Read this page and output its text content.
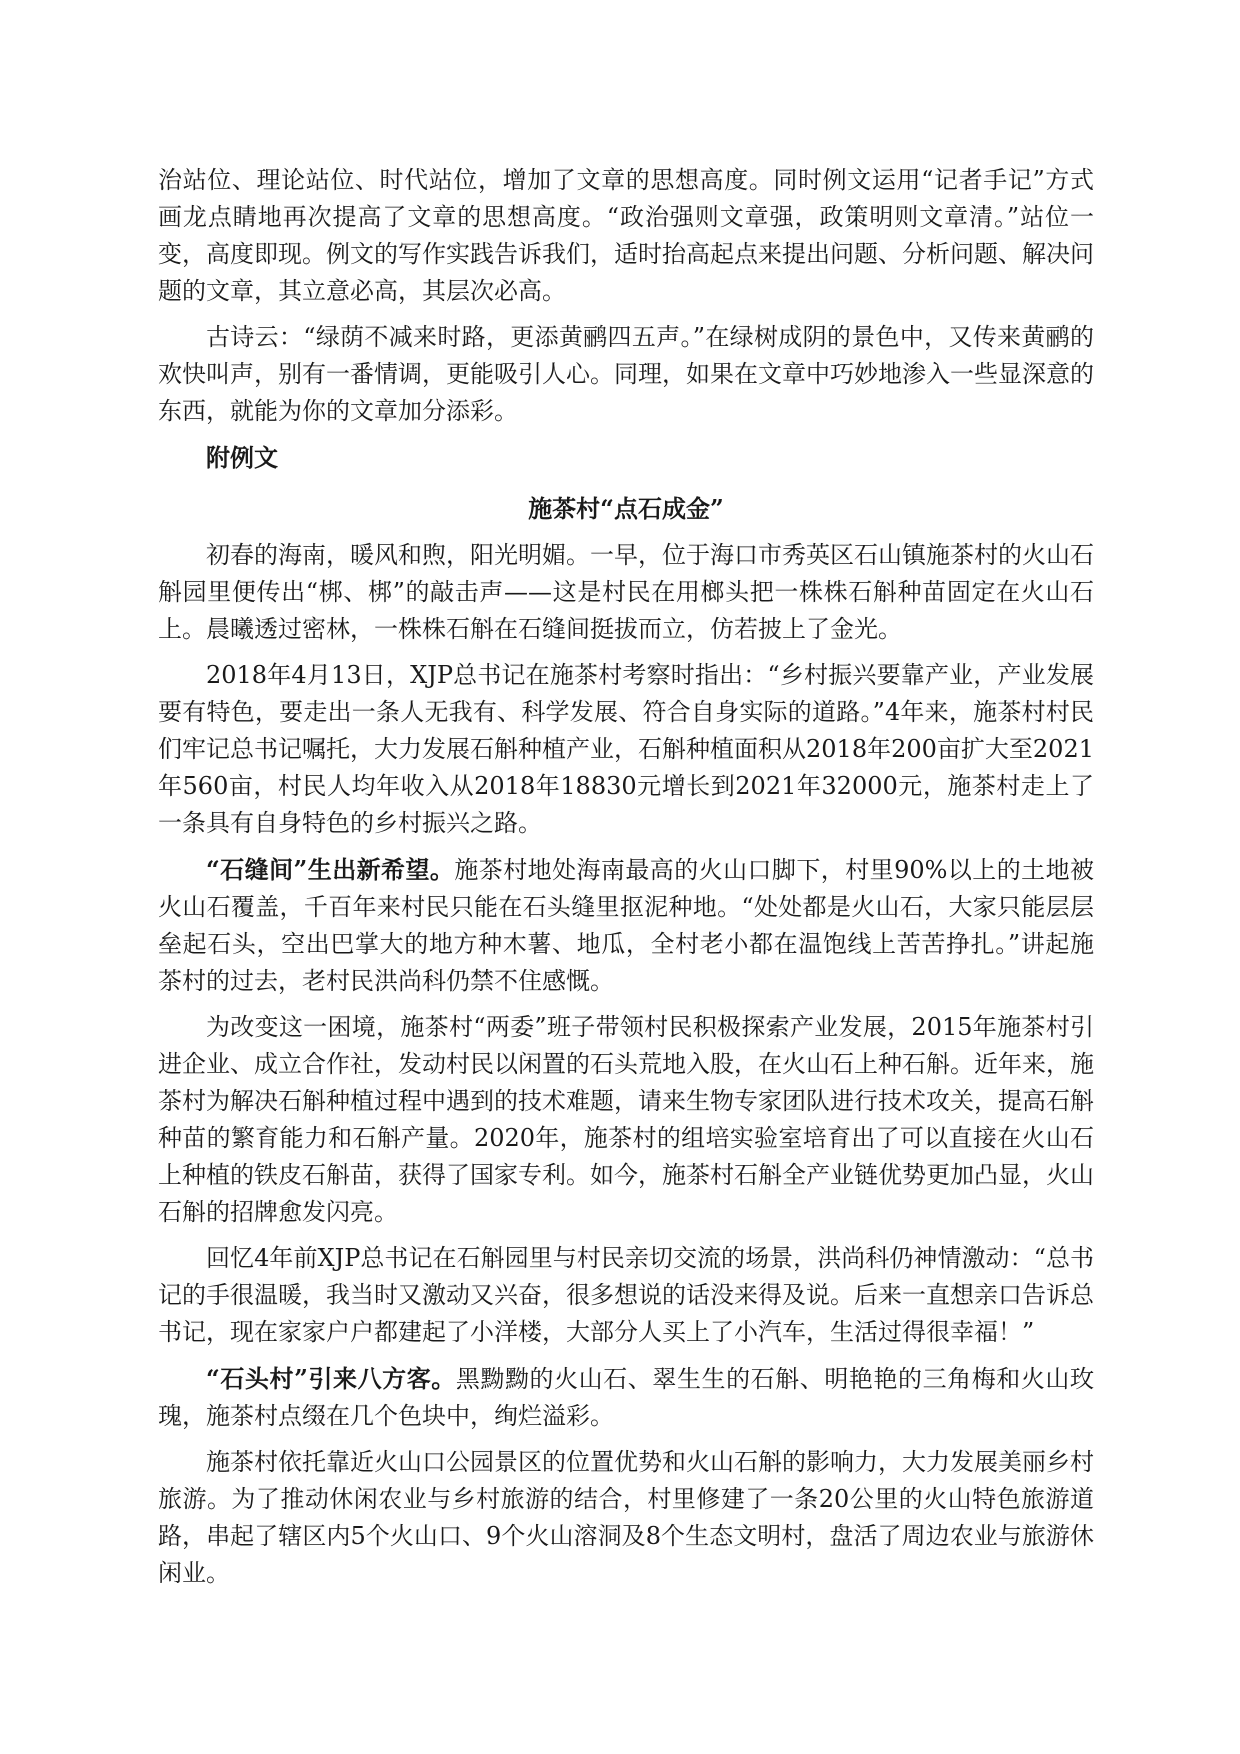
治站位、理论站位、时代站位，增加了文章的思想高度。同时例文运用“记者手记”方式画龙点睛地再次提高了文章的思想高度。“政治强则文章强，政策明则文章清。”站位一变，高度即现。例文的写作实践告诉我们，适时抬高起点来提出问题、分析问题、解决问题的文章，其立意必高，其层次必高。

古诗云：“绿荫不减来时路，更添黄鹂四五声。”在绿树成阴的景色中，又传来黄鹂的欢快叫声，别有一番情调，更能吸引人心。同理，如果在文章中巧妙地渗入一些显深意的东西，就能为你的文章加分添彩。

附例文

施茶村“点石成金”

初春的海南，暖风和煦，阳光明媚。一早，位于海口市秀英区石山镇施茶村的火山石斛园里便传出“梆、梆”的敲击声——这是村民在用榔头把一株株石斛种苗固定在火山石上。晨曦透过密林，一株株石斛在石缝间挺拔而立，仿若披上了金光。

2018年4月13日，XJP总书记在施茶村考察时指出：“乡村振兴要靠产业，产业发展要有特色，要走出一条人无我有、科学发展、符合自身实际的道路。”4年来，施茶村村民们牢记总书记嘱托，大力发展石斛种植产业，石斛种植面积从2018年200亩扩大至2021年560亩，村民人均年收入从2018年18830元增长到2021年32000元，施茶村走上了一条具有自身特色的乡村振兴之路。

“石缝间”生出新希望。施茶村地处海南最高的火山口脚下，村里90%以上的土地被火山石覆盖，千百年来村民只能在石头缝里抠泥种地。“处处都是火山石，大家只能层层垒起石头，空出巴掌大的地方种木薯、地瓜，全村老小都在温饱线上苦苦挣扎。”讲起施茶村的过去，老村民洪尚科仍禁不住感慨。

为改变这一困境，施茶村“两委”班子带领村民积极探索产业发展，2015年施茶村引进企业、成立合作社，发动村民以闲置的石头荒地入股，在火山石上种石斛。近年来，施茶村为解决石斛种植过程中遇到的技术难题，请来生物专家团队进行技术攻关，提高石斛种苗的繁育能力和石斛产量。2020年，施茶村的组培实验室培育出了可以直接在火山石上种植的铁皮石斛苗，获得了国家专利。如今，施茶村石斛全产业链优势更加凸显，火山石斛的招牌愈发闪亮。

回忆4年前XJP总书记在石斛园里与村民亲切交流的场景，洪尚科仍神情激动：“总书记的手很温暖，我当时又激动又兴奋，很多想说的话没来得及说。后来一直想亲口告诉总书记，现在家家户户都建起了小洋楼，大部分人买上了小汽车，生活过得很幸福！”

“石头村”引来八方客。黑黝黝的火山石、翠生生的石斛、明艳艳的三角梅和火山玫瑰，施茶村点缀在几个色块中，绚烂溢彩。

施茶村依托靠近火山口公园景区的位置优势和火山石斛的影响力，大力发展美丽乡村旅游。为了推动休闲农业与乡村旅游的结合，村里修建了一条20公里的火山特色旅游道路，串起了辖区内5个火山口、9个火山溶洞及8个生态文明村，盘活了周边农业与旅游休闲业。
